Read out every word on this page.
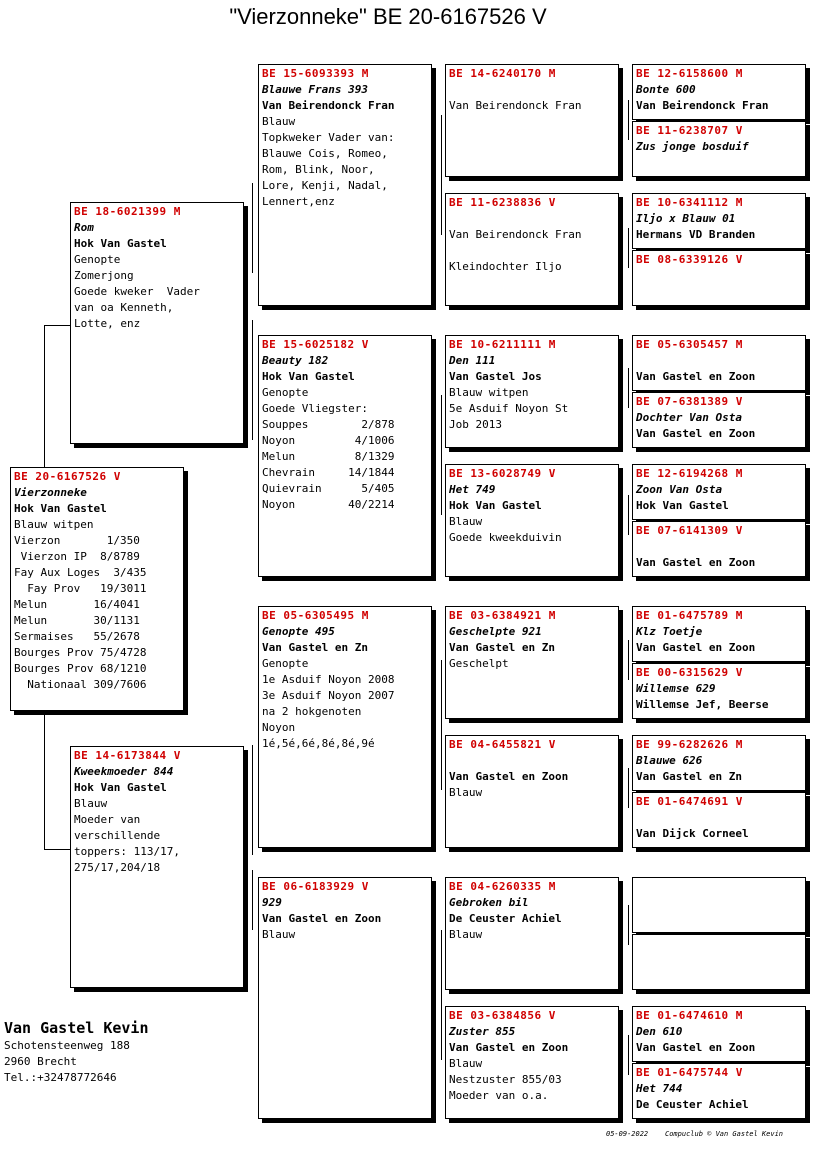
"Vierzonneke" BE 20-6167526 V
BE 20-6167526 V
Vierzonneke
Hok Van Gastel
Blauw witpen
Vierzon       1/350
Vierzon IP  8/8789
Fay Aux Loges  3/435
Fay Prov   19/3011
Melun       16/4041
Melun       30/1131
Sermaises   55/2678
Bourges Prov 75/4728
Bourges Prov 68/1210
Nationaal 309/7606
BE 18-6021399 M
Rom
Hok Van Gastel
Genopte
Zomerjong
Goede kweker  Vader
van oa Kenneth,
Lotte, enz
BE 14-6173844 V
Kweekmoeder 844
Hok Van Gastel
Blauw
Moeder van
verschillende
toppers: 113/17,
275/17,204/18
BE 15-6093393 M
Blauwe Frans 393
Van Beirendonck Fran
Blauw
Topkweker Vader van:
Blauwe Cois, Romeo,
Rom, Blink, Noor,
Lore, Kenji, Nadal,
Lennert,enz
BE 15-6025182 V
Beauty 182
Hok Van Gastel
Genopte
Goede Vliegster:
Souppes        2/878
Noyon         4/1006
Melun         8/1329
Chevrain     14/1844
Quievrain      5/405
Noyon        40/2214
BE 05-6305495 M
Genopte 495
Van Gastel en Zn
Genopte
1e Asduif Noyon 2008
3e Asduif Noyon 2007
na 2 hokgenoten
Noyon
1é,5é,6é,8é,8é,9é
BE 06-6183929 V
929
Van Gastel en Zoon
Blauw
BE 14-6240170 M
Van Beirendonck Fran
BE 11-6238836 V
Van Beirendonck Fran
Kleindochter Iljo
BE 10-6211111 M
Den 111
Van Gastel Jos
Blauw witpen
5e Asduif Noyon St
Job 2013
BE 13-6028749 V
Het 749
Hok Van Gastel
Blauw
Goede kweekduivin
BE 03-6384921 M
Geschelpte 921
Van Gastel en Zn
Geschelpt
BE 04-6455821 V
Van Gastel en Zoon
Blauw
BE 04-6260335 M
Gebroken bil
De Ceuster Achiel
Blauw
BE 03-6384856 V
Zuster 855
Van Gastel en Zoon
Blauw
Nestzuster 855/03
Moeder van o.a.
BE 12-6158600 M
Bonte 600
Van Beirendonck Fran
BE 11-6238707 V
Zus jonge bosduif
BE 10-6341112 M
Iljo x Blauw 01
Hermans VD Branden
BE 08-6339126 V
BE 05-6305457 M
Van Gastel en Zoon
BE 07-6381389 V
Dochter Van Osta
Van Gastel en Zoon
BE 12-6194268 M
Zoon Van Osta
Hok Van Gastel
BE 07-6141309 V
Van Gastel en Zoon
BE 01-6475789 M
Klz Toetje
Van Gastel en Zoon
BE 00-6315629 V
Willemse 629
Willemse Jef, Beerse
BE 99-6282626 M
Blauwe 626
Van Gastel en Zn
BE 01-6474691 V
Van Dijck Corneel
BE 01-6474610 M
Den 610
Van Gastel en Zoon
BE 01-6475744 V
Het 744
De Ceuster Achiel
Van Gastel Kevin
Schotensteenweg 188
2960 Brecht
Tel.:+32478772646
05-09-2022    Compuclub © Van Gastel Kevin
